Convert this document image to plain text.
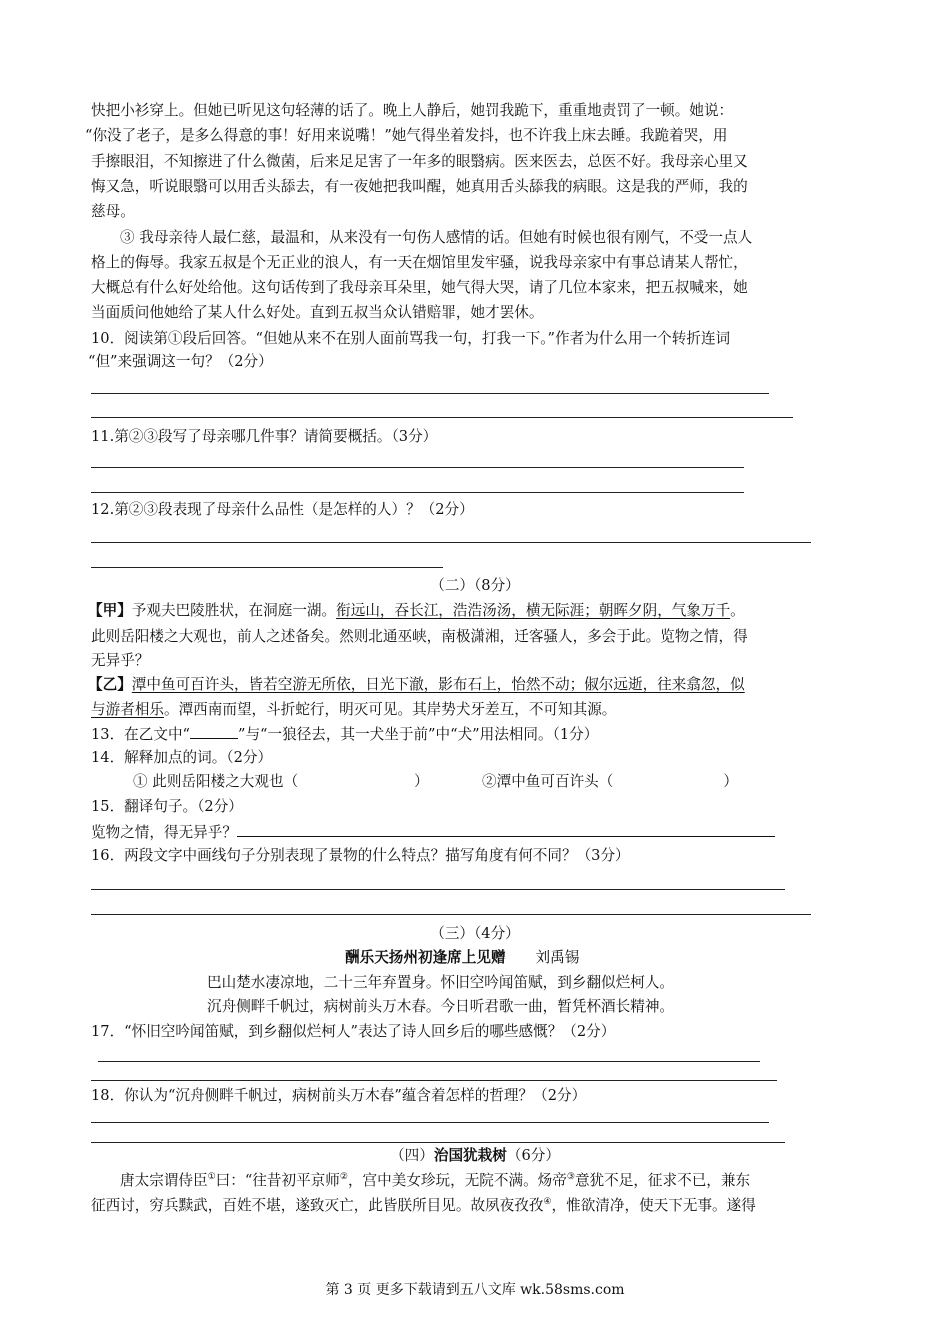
快把小衫穿上。但她已听见这句轻薄的话了。晚上人静后，她罚我跪下，重重地责罚了一顿。她说：
“你没了老子，是多么得意的事！好用来说嘴！”她气得坐着发抖，也不许我上床去睡。我跪着哭，用
手擦眼泪，不知擦进了什么微菌，后来足足害了一年多的眼翳病。医来医去，总医不好。我母亲心里又
悔又急，听说眼翳可以用舌头舔去，有一夜她把我叫醒，她真用舌头舔我的病眼。这是我的严师，我的
慈母。
③ 我母亲待人最仁慈，最温和，从来没有一句伤人感情的话。但她有时候也很有刚气，不受一点人
格上的侮辱。我家五叔是个无正业的浪人，有一天在烟馆里发牢骚，说我母亲家中有事总请某人帮忙，
大概总有什么好处给他。这句话传到了我母亲耳朵里，她气得大哭，请了几位本家来，把五叔喊来，她
当面质问他她给了某人什么好处。直到五叔当众认错赔罪，她才罢休。
10．阅读第①段后回答。“但她从来不在别人面前骂我一句，打我一下。”作者为什么用一个转折连词
“但”来强调这一句？（2分）
11.第②③段写了母亲哪几件事？请简要概括。（3分）
12.第②③段表现了母亲什么品性（是怎样的人）？（2分）
（二）（8分）
【甲】予观夫巴陵胜状，在洞庭一湖。衔远山，吞长江，浩浩汤汤，横无际涯；朝晖夕阴，气象万千。
此则岳阳楼之大观也，前人之述备矣。然则北通巫峡，南极潇湘，迁客骚人，多会于此。览物之情，得
无异乎？
【乙】潭中鱼可百许头，皆若空游无所依，日光下澈，影布石上，怡然不动；俶尔远逝，往来翕忽，似
与游者相乐。潭西南而望，斗折蛇行，明灭可见。其岸势犬牙差互，不可知其源。
13．在乙文中“	”与“一狼径去，其一犬坐于前”中“犬”用法相同。（1分）
14．解释加点的词。（2分）
① 此则岳阳楼之大观也（	）	②潭中鱼可百许头（	）
15．翻译句子。（2分）
览物之情，得无异乎？
16．两段文字中画线句子分别表现了景物的什么特点？描写角度有何不同？（3分）
（三）（4分）
酬乐天扬州初逢席上见赠 刘禹锡
巴山楚水凄凉地，二十三年弃置身。怀旧空吟闻笛赋，到乡翻似烂柯人。
沉舟侧畔千帆过，病树前头万木春。今日听君歌一曲，暂凭杯酒长精神。
17．“怀旧空吟闻笛赋，到乡翻似烂柯人”表达了诗人回乡后的哪些感慨？（2分）
18．你认为“沉舟侧畔千帆过，病树前头万木春”蕴含着怎样的哲理？（2分）
（四）治国犹栽树（6分）
唐太宗谓侍臣①曰：“往昔初平京师②，宫中美女珍玩，无院不满。炀帝③意犹不足，征求不已，兼东
征西讨，穷兵黩武，百姓不堪，遂致灭亡，此皆朕所目见。故夙夜孜孜④，惟欲清净，使天下无事。遂得
第 3 页 更多下载请到五八文库 wk.58sms.com
